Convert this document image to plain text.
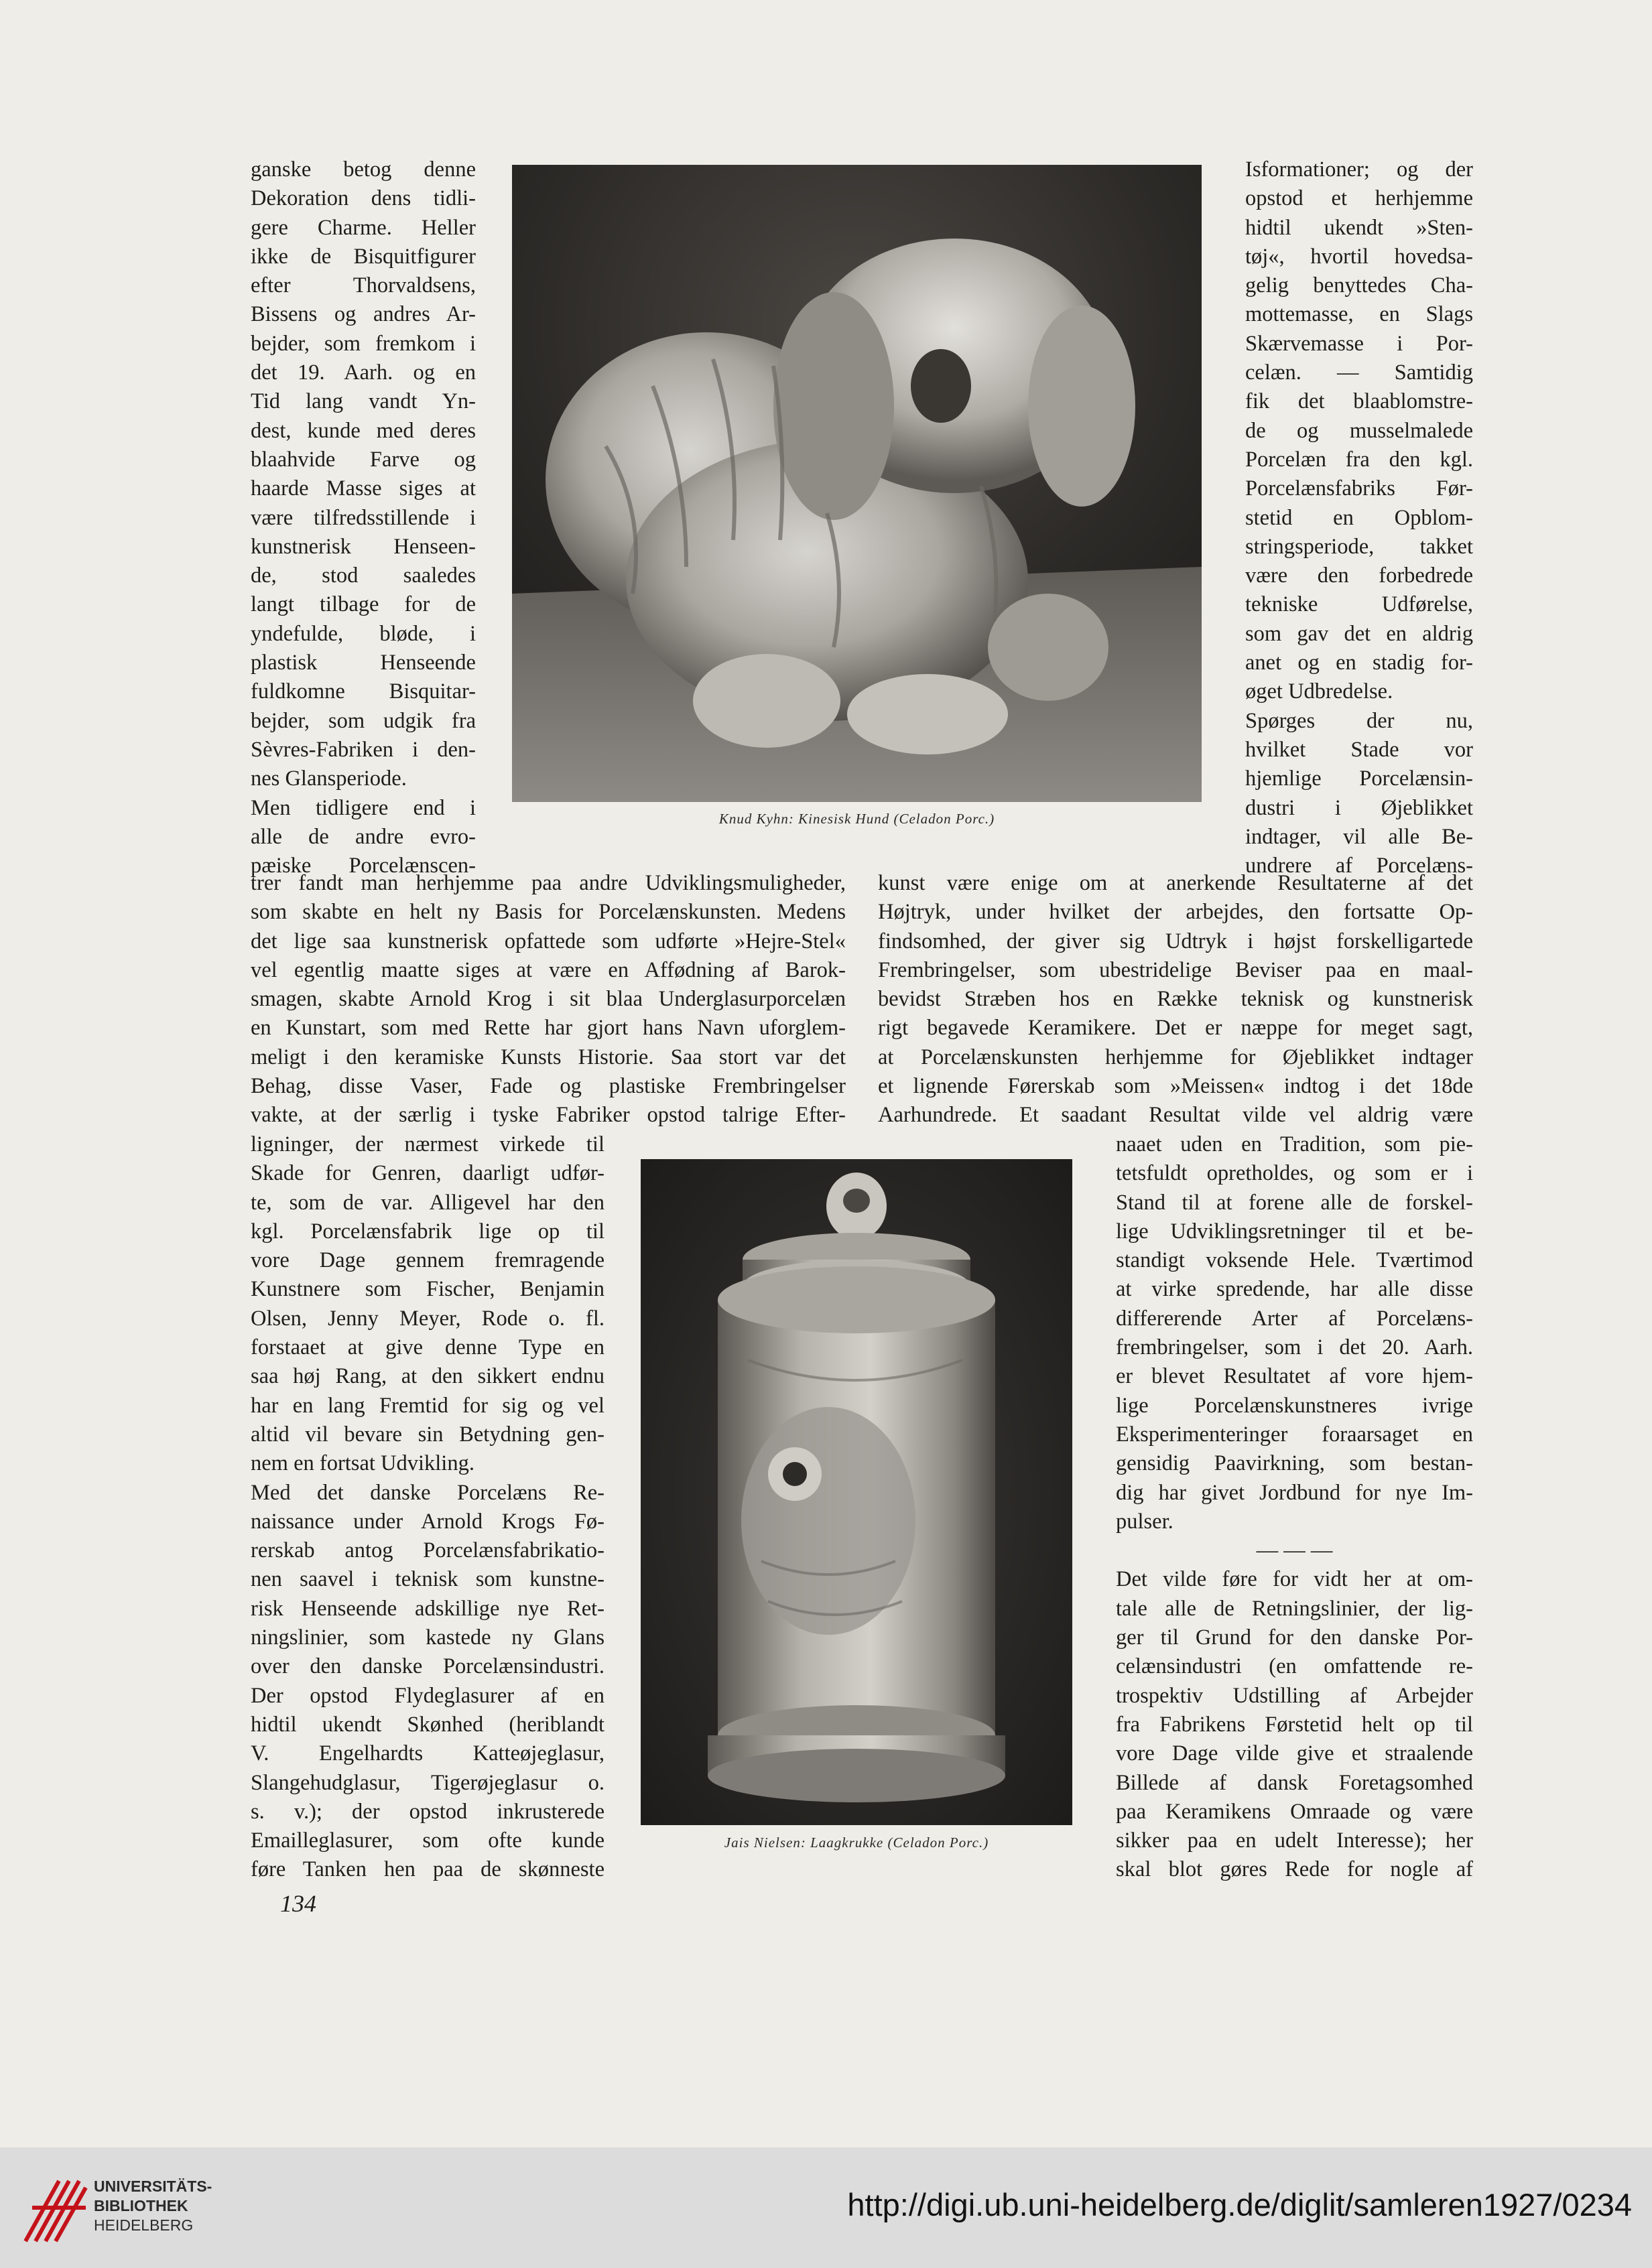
ganske betog denne
Dekoration dens tidli-
gere Charme. Heller
ikke de Bisquitfigurer
efter Thorvaldsens,
Bissens og andres Ar-
bejder, som fremkom i
det 19. Aarh. og en
Tid lang vandt Yn-
dest, kunde med deres
blaahvide Farve og
haarde Masse siges at
være tilfredsstillende i
kunstnerisk Henseen-
de, stod saaledes
langt tilbage for de
yndefulde, bløde, i
plastisk Henseende
fuldkomne Bisquitar-
bejder, som udgik fra
Sèvres-Fabriken i den-
nes Glansperiode.
Men tidligere end i
alle de andre evro-
pæiske Porcelænscen-
Knud Kyhn: Kinesisk Hund (Celadon Porc.)
Isformationer; og der
opstod et herhjemme
hidtil ukendt »Sten-
tøj«, hvortil hovedsa-
gelig benyttedes Cha-
mottemasse, en Slags
Skærvemasse i Por-
celæn. — Samtidig
fik det blaablomstre-
de og musselmalede
Porcelæn fra den kgl.
Porcelænsfabriks Før-
stetid en Opblom-
stringsperiode, takket
være den forbedrede
tekniske Udførelse,
som gav det en aldrig
anet og en stadig for-
øget Udbredelse.
Spørges der nu,
hvilket Stade vor
hjemlige Porcelænsin-
dustri i Øjeblikket
indtager, vil alle Be-
undrere af Porcelæns-
trer fandt man herhjemme paa andre Udviklingsmuligheder,
som skabte en helt ny Basis for Porcelænskunsten. Medens
det lige saa kunstnerisk opfattede som udførte »Hejre-Stel«
vel egentlig maatte siges at være en Affødning af Barok-
smagen, skabte Arnold Krog i sit blaa Underglasurporcelæn
en Kunstart, som med Rette har gjort hans Navn uforglem-
meligt i den keramiske Kunsts Historie. Saa stort var det
Behag, disse Vaser, Fade og plastiske Frembringelser
vakte, at der særlig i tyske Fabriker opstod talrige Efter-
kunst være enige om at anerkende Resultaterne af det
Højtryk, under hvilket der arbejdes, den fortsatte Op-
findsomhed, der giver sig Udtryk i højst forskelligartede
Frembringelser, som ubestridelige Beviser paa en maal-
bevidst Stræben hos en Række teknisk og kunstnerisk
rigt begavede Keramikere. Det er næppe for meget sagt,
at Porcelænskunsten herhjemme for Øjeblikket indtager
et lignende Førerskab som »Meissen« indtog i det 18de
Aarhundrede. Et saadant Resultat vilde vel aldrig være
ligninger, der nærmest virkede til
Skade for Genren, daarligt udfør-
te, som de var. Alligevel har den
kgl. Porcelænsfabrik lige op til
vore Dage gennem fremragende
Kunstnere som Fischer, Benjamin
Olsen, Jenny Meyer, Rode o. fl.
forstaaet at give denne Type en
saa høj Rang, at den sikkert endnu
har en lang Fremtid for sig og vel
altid vil bevare sin Betydning gen-
nem en fortsat Udvikling.
Med det danske Porcelæns Re-
naissance under Arnold Krogs Fø-
rerskab antog Porcelænsfabrikatio-
nen saavel i teknisk som kunstne-
risk Henseende adskillige nye Ret-
ningslinier, som kastede ny Glans
over den danske Porcelænsindustri.
Der opstod Flydeglasurer af en
hidtil ukendt Skønhed (heriblandt
V. Engelhardts Katteøjeglasur,
Slangehudglasur, Tigerøjeglasur o.
s. v.); der opstod inkrusterede
Emailleglasurer, som ofte kunde
føre Tanken hen paa de skønneste
Jais Nielsen: Laagkrukke (Celadon Porc.)
naaet uden en Tradition, som pie-
tetsfuldt opretholdes, og som er i
Stand til at forene alle de forskel-
lige Udviklingsretninger til et be-
standigt voksende Hele. Tværtimod
at virke spredende, har alle disse
differerende Arter af Porcelæns-
frembringelser, som i det 20. Aarh.
er blevet Resultatet af vore hjem-
lige Porcelænskunstneres ivrige
Eksperimenteringer foraarsaget en
gensidig Paavirkning, som bestan-
dig har givet Jordbund for nye Im-
pulser.
— — —
Det vilde føre for vidt her at om-
tale alle de Retningslinier, der lig-
ger til Grund for den danske Por-
celænsindustri (en omfattende re-
trospektiv Udstilling af Arbejder
fra Fabrikens Førstetid helt op til
vore Dage vilde give et straalende
Billede af dansk Foretagsomhed
paa Keramikens Omraade og være
sikker paa en udelt Interesse); her
skal blot gøres Rede for nogle af
134
UNIVERSITÄTS-
BIBLIOTHEK
HEIDELBERG
http://digi.ub.uni-heidelberg.de/diglit/samleren1927/0234
